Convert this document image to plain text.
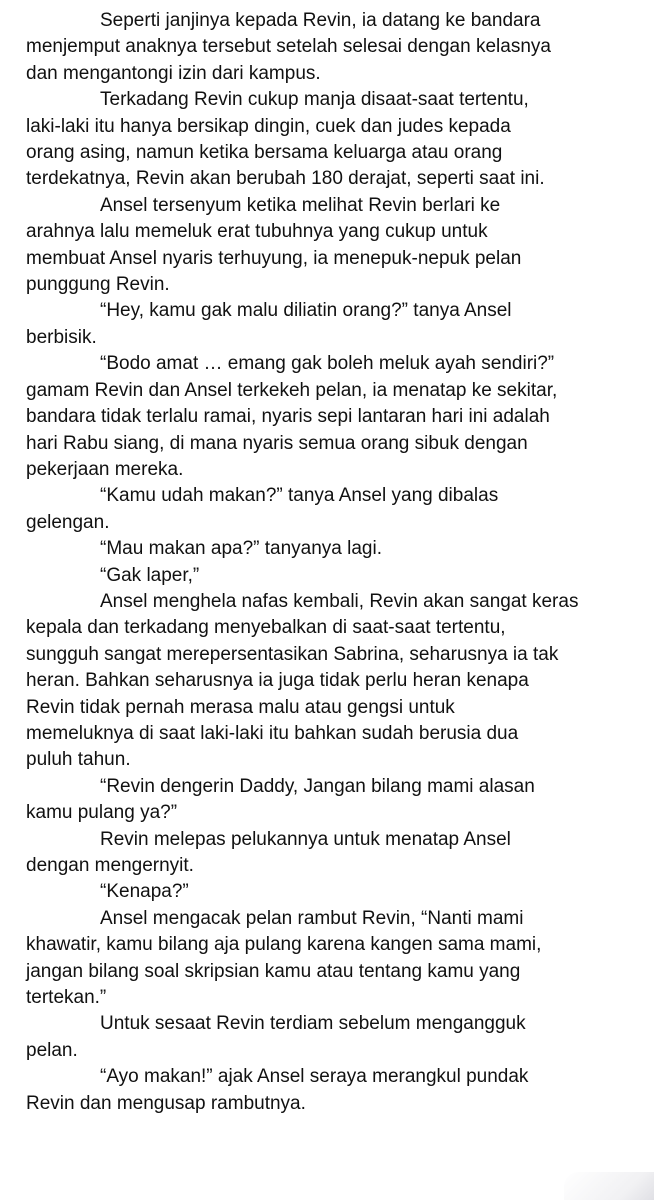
Seperti janjinya kepada Revin, ia datang ke bandara
menjemput anaknya tersebut setelah selesai dengan kelasnya
dan mengantongi izin dari kampus.

Terkadang Revin cukup manja disaat-saat tertentu,
laki-laki itu hanya bersikap dingin, cuek dan judes kepada
orang asing, namun ketika bersama keluarga atau orang
terdekatnya, Revin akan berubah 180 derajat, seperti saat ini.

Ansel tersenyum ketika melihat Revin berlari ke
arahnya lalu memeluk erat tubuhnya yang cukup untuk
membuat Ansel nyaris terhuyung, ia menepuk-nepuk pelan
punggung Revin.

“Hey, kamu gak malu diliatin orang?” tanya Ansel
berbisik.

“Bodo amat … emang gak boleh meluk ayah sendiri?”
gamam Revin dan Ansel terkekeh pelan, ia menatap ke sekitar,
bandara tidak terlalu ramai, nyaris sepi lantaran hari ini adalah
hari Rabu siang, di mana nyaris semua orang sibuk dengan
pekerjaan mereka.

“Kamu udah makan?” tanya Ansel yang dibalas
gelengan.

“Mau makan apa?” tanyanya lagi.

“Gak laper,”

Ansel menghela nafas kembali, Revin akan sangat keras
kepala dan terkadang menyebalkan di saat-saat tertentu,
sungguh sangat merepersentasikan Sabrina, seharusnya ia tak
heran. Bahkan seharusnya ia juga tidak perlu heran kenapa
Revin tidak pernah merasa malu atau gengsi untuk
memeluknya di saat laki-laki itu bahkan sudah berusia dua
puluh tahun.

“Revin dengerin Daddy, Jangan bilang mami alasan
kamu pulang ya?”

Revin melepas pelukannya untuk menatap Ansel
dengan mengernyit.

“Kenapa?”

Ansel mengacak pelan rambut Revin, “Nanti mami
khawatir, kamu bilang aja pulang karena kangen sama mami,
jangan bilang soal skripsian kamu atau tentang kamu yang
tertekan.”

Untuk sesaat Revin terdiam sebelum mengangguk
pelan.

“Ayo makan!” ajak Ansel seraya merangkul pundak
Revin dan mengusap rambutnya.
